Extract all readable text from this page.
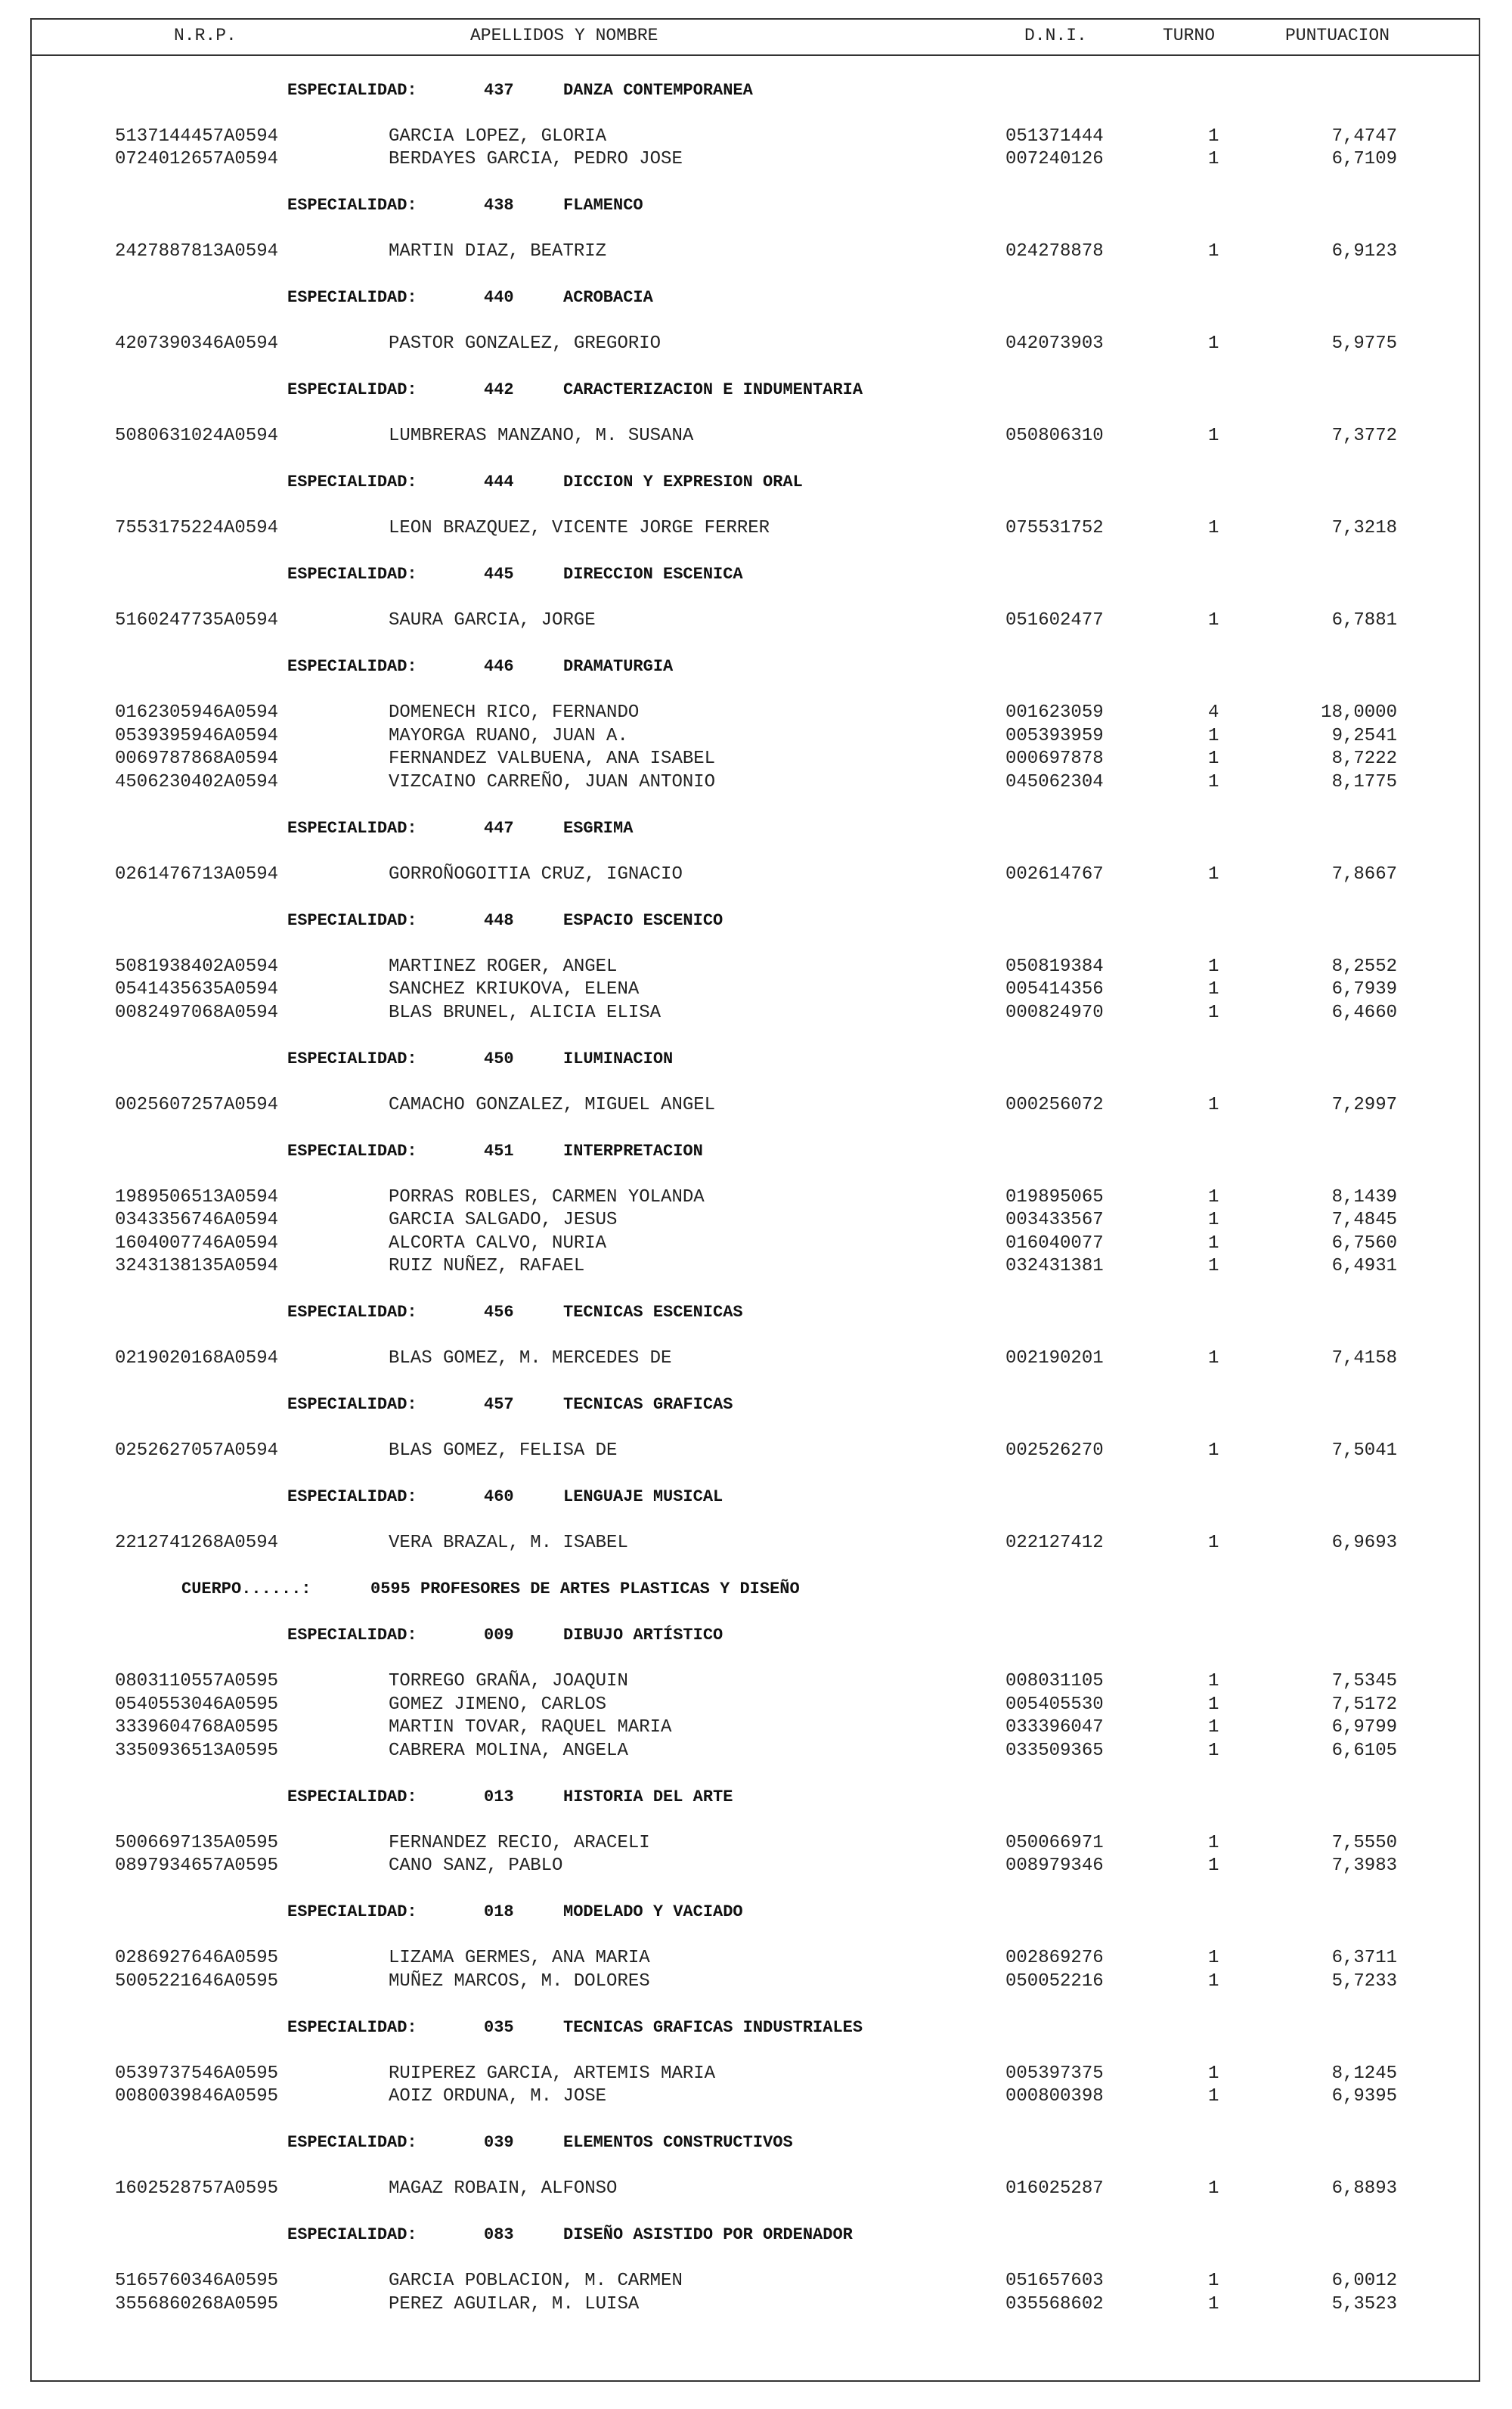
N.R.P.	APELLIDOS Y NOMBRE	D.N.I.	TURNO	PUNTUACION
ESPECIALIDAD:	437	DANZA CONTEMPORANEA
5137144457A0594	GARCIA LOPEZ, GLORIA	051371444	1	7,4747
0724012657A0594	BERDAYES GARCIA, PEDRO JOSE	007240126	1	6,7109
ESPECIALIDAD:	438	FLAMENCO
2427887813A0594	MARTIN DIAZ, BEATRIZ	024278878	1	6,9123
ESPECIALIDAD:	440	ACROBACIA
4207390346A0594	PASTOR GONZALEZ, GREGORIO	042073903	1	5,9775
ESPECIALIDAD:	442	CARACTERIZACION E INDUMENTARIA
5080631024A0594	LUMBRERAS MANZANO, M. SUSANA	050806310	1	7,3772
ESPECIALIDAD:	444	DICCION Y EXPRESION ORAL
7553175224A0594	LEON BRAZQUEZ, VICENTE JORGE FERRER	075531752	1	7,3218
ESPECIALIDAD:	445	DIRECCION ESCENICA
5160247735A0594	SAURA GARCIA, JORGE	051602477	1	6,7881
ESPECIALIDAD:	446	DRAMATURGIA
0162305946A0594	DOMENECH RICO, FERNANDO	001623059	4	18,0000
0539395946A0594	MAYORGA RUANO, JUAN A.	005393959	1	9,2541
0069787868A0594	FERNANDEZ VALBUENA, ANA ISABEL	000697878	1	8,7222
4506230402A0594	VIZCAINO CARREÑO, JUAN ANTONIO	045062304	1	8,1775
ESPECIALIDAD:	447	ESGRIMA
0261476713A0594	GORROÑOGOITIA CRUZ, IGNACIO	002614767	1	7,8667
ESPECIALIDAD:	448	ESPACIO ESCENICO
5081938402A0594	MARTINEZ ROGER, ANGEL	050819384	1	8,2552
0541435635A0594	SANCHEZ KRIUKOVA, ELENA	005414356	1	6,7939
0082497068A0594	BLAS BRUNEL, ALICIA ELISA	000824970	1	6,4660
ESPECIALIDAD:	450	ILUMINACION
0025607257A0594	CAMACHO GONZALEZ, MIGUEL ANGEL	000256072	1	7,2997
ESPECIALIDAD:	451	INTERPRETACION
1989506513A0594	PORRAS ROBLES, CARMEN YOLANDA	019895065	1	8,1439
0343356746A0594	GARCIA SALGADO, JESUS	003433567	1	7,4845
1604007746A0594	ALCORTA CALVO, NURIA	016040077	1	6,7560
3243138135A0594	RUIZ NUÑEZ, RAFAEL	032431381	1	6,4931
ESPECIALIDAD:	456	TECNICAS ESCENICAS
0219020168A0594	BLAS GOMEZ, M. MERCEDES DE	002190201	1	7,4158
ESPECIALIDAD:	457	TECNICAS GRAFICAS
0252627057A0594	BLAS GOMEZ, FELISA DE	002526270	1	7,5041
ESPECIALIDAD:	460	LENGUAJE MUSICAL
2212741268A0594	VERA BRAZAL, M. ISABEL	022127412	1	6,9693
CUERPO......:	0595 PROFESORES DE ARTES PLASTICAS Y DISEÑO
ESPECIALIDAD:	009	DIBUJO ARTÍSTICO
0803110557A0595	TORREGO GRAÑA, JOAQUIN	008031105	1	7,5345
0540553046A0595	GOMEZ JIMENO, CARLOS	005405530	1	7,5172
3339604768A0595	MARTIN TOVAR, RAQUEL MARIA	033396047	1	6,9799
3350936513A0595	CABRERA MOLINA, ANGELA	033509365	1	6,6105
ESPECIALIDAD:	013	HISTORIA DEL ARTE
5006697135A0595	FERNANDEZ RECIO, ARACELI	050066971	1	7,5550
0897934657A0595	CANO SANZ, PABLO	008979346	1	7,3983
ESPECIALIDAD:	018	MODELADO Y VACIADO
0286927646A0595	LIZAMA GERMES, ANA MARIA	002869276	1	6,3711
5005221646A0595	MUÑEZ MARCOS, M. DOLORES	050052216	1	5,7233
ESPECIALIDAD:	035	TECNICAS GRAFICAS INDUSTRIALES
0539737546A0595	RUIPEREZ GARCIA, ARTEMIS MARIA	005397375	1	8,1245
0080039846A0595	AOIZ ORDUNA, M. JOSE	000800398	1	6,9395
ESPECIALIDAD:	039	ELEMENTOS CONSTRUCTIVOS
1602528757A0595	MAGAZ ROBAIN, ALFONSO	016025287	1	6,8893
ESPECIALIDAD:	083	DISEÑO ASISTIDO POR ORDENADOR
5165760346A0595	GARCIA POBLACION, M. CARMEN	051657603	1	6,0012
3556860268A0595	PEREZ AGUILAR, M. LUISA	035568602	1	5,3523
